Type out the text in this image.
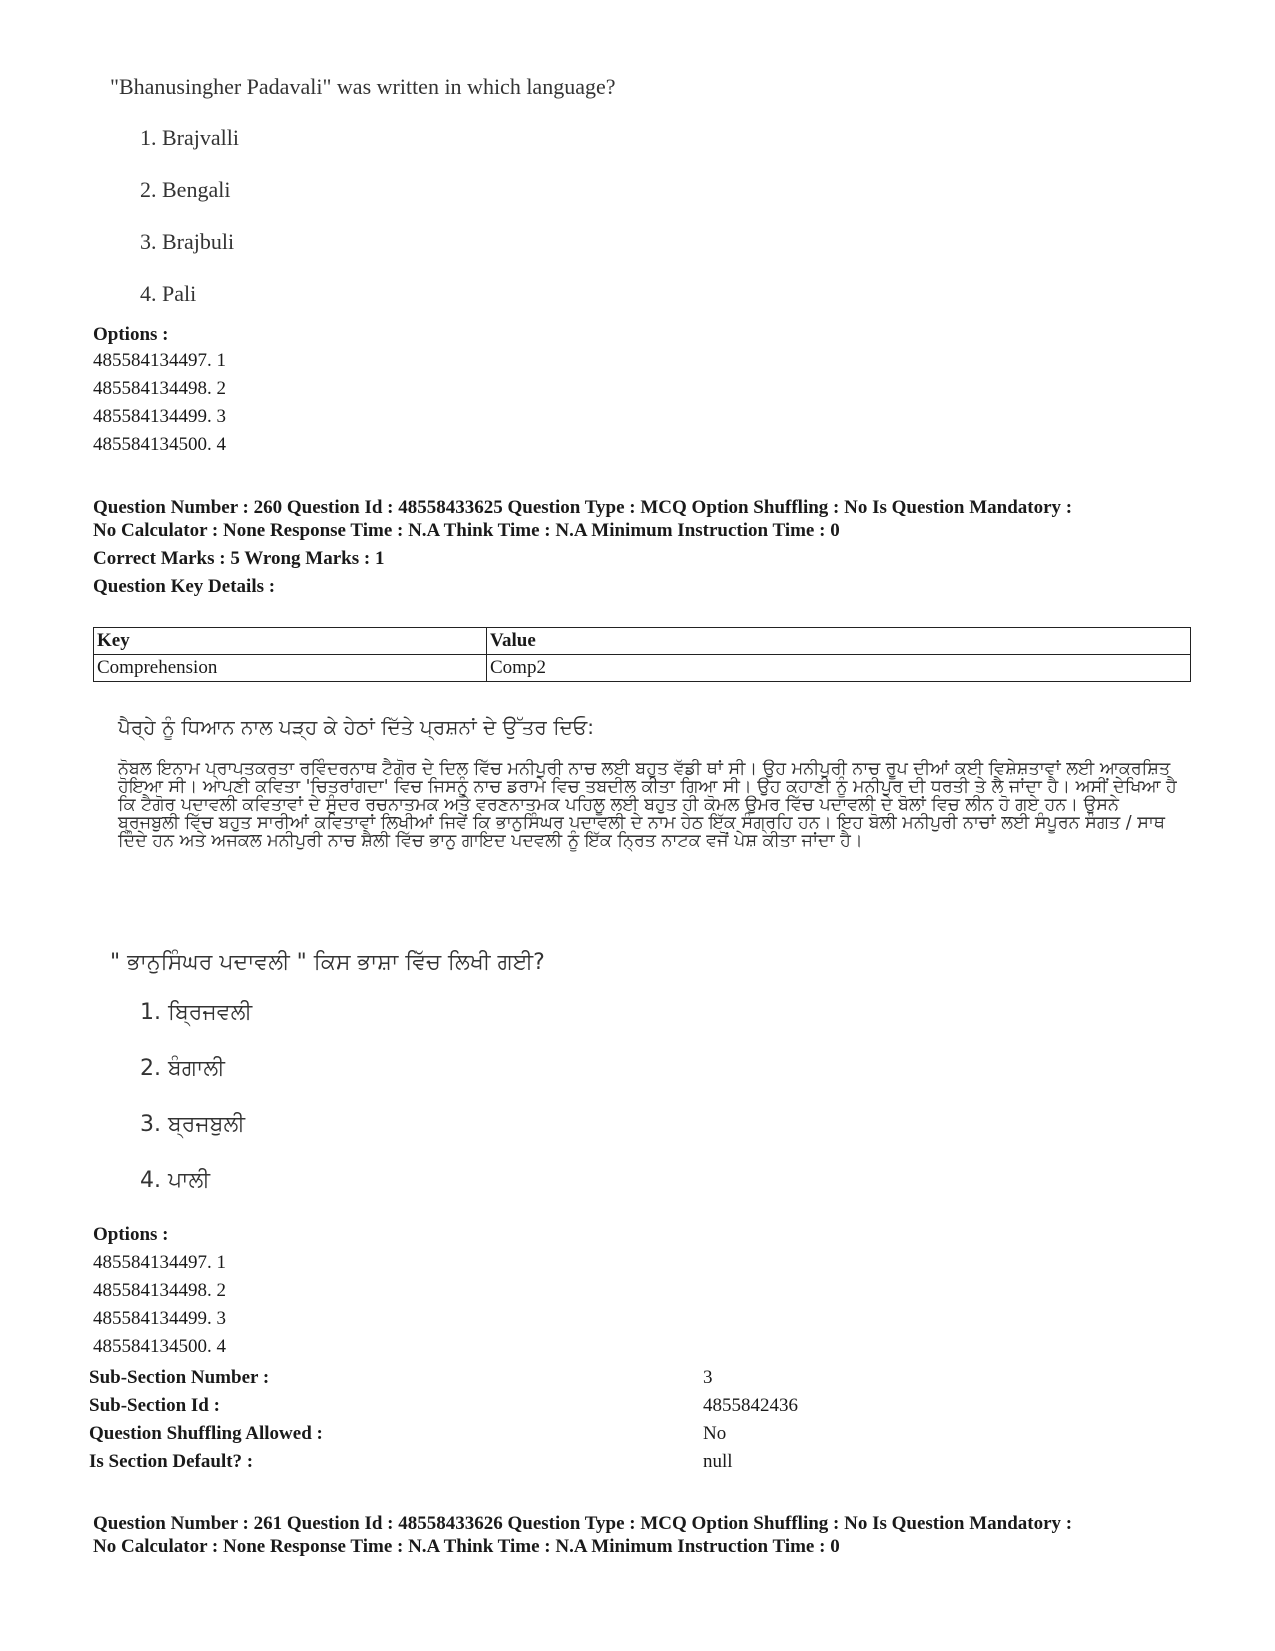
"Bhanusingher Padavali" was written in which language?
1. Brajvalli
2. Bengali
3. Brajbuli
4. Pali
Options :
485584134497. 1
485584134498. 2
485584134499. 3
485584134500. 4
Question Number : 260 Question Id : 48558433625 Question Type : MCQ Option Shuffling : No Is Question Mandatory :
No Calculator : None Response Time : N.A Think Time : N.A Minimum Instruction Time : 0
Correct Marks : 5 Wrong Marks : 1
Question Key Details :
Key	Value
Comprehension	Comp2
ਪੈਰ੍ਹੇ ਨੂੰ ਧਿਆਨ ਨਾਲ ਪੜ੍ਹ ਕੇ ਹੇਠਾਂ ਦਿੱਤੇ ਪ੍ਰਸ਼ਨਾਂ ਦੇ ਉੱਤਰ ਦਿਓ:
ਨੋਬਲ ਇਨਾਮ ਪ੍ਰਾਪਤਕਰਤਾ ਰਵਿੰਦਰਨਾਥ ਟੈਗੋਰ ਦੇ ਦਿਲ ਵਿੱਚ ਮਨੀਪੁਰੀ ਨਾਚ ਲਈ ਬਹੁਤ ਵੱਡੀ ਥਾਂ ਸੀ। ਉਹ ਮਨੀਪੁਰੀ ਨਾਚ ਰੂਪ ਦੀਆਂ ਕਈ ਵਿਸ਼ੇਸ਼ਤਾਵਾਂ ਲਈ ਆਕਰਸ਼ਿਤ ਹੋਇਆ ਸੀ। ਆਪਣੀ ਕਵਿਤਾ 'ਚਿਤਰਾਂਗਦਾ' ਵਿਚ ਜਿਸਨੂੰ ਨਾਚ ਡਰਾਮੇ ਵਿਚ ਤਬਦੀਲ ਕੀਤਾ ਗਿਆ ਸੀ। ਉਹ ਕਹਾਣੀ ਨੂੰ ਮਨੀਪੁਰ ਦੀ ਧਰਤੀ ਤੇ ਲੈ ਜਾਂਦਾ ਹੈ। ਅਸੀਂ ਦੇਖਿਆ ਹੈ ਕਿ ਟੈਗੋਰ ਪਦਾਵਲੀ ਕਵਿਤਾਵਾਂ ਦੇ ਸੁੰਦਰ ਰਚਨਾਤਮਕ ਅਤੇ ਵਰਣਨਾਤਮਕ ਪਹਿਲੂ ਲਈ ਬਹੁਤ ਹੀ ਕੋਮਲ ਉਮਰ ਵਿੱਚ ਪਦਾਵਲੀ ਦੇ ਬੋਲਾਂ ਵਿਚ ਲੀਨ ਹੋ ਗਏ ਹਨ। ਉਸਨੇ ਬ੍ਰਜਬੁਲੀ ਵਿੱਚ ਬਹੁਤ ਸਾਰੀਆਂ ਕਵਿਤਾਵਾਂ ਲਿਖੀਆਂ ਜਿਵੇਂ ਕਿ ਭਾਨੁਸਿੰਘਰ ਪਦਾਵਲੀ ਦੇ ਨਾਮ ਹੇਠ ਇੱਕ ਸੰਗ੍ਰਹਿ ਹਨ। ਇਹ ਬੋਲੀ ਮਨੀਪੁਰੀ ਨਾਚਾਂ ਲਈ ਸੰਪੂਰਨ ਸੰਗਤ / ਸਾਥ ਦਿੰਦੇ ਹਨ ਅਤੇ ਅਜਕਲ ਮਨੀਪੁਰੀ ਨਾਚ ਸ਼ੈਲੀ ਵਿੱਚ ਭਾਨੁ ਗਾਇਦ ਪਦਵਲੀ ਨੂੰ ਇੱਕ ਨ੍ਰਿਤ ਨਾਟਕ ਵਜੋਂ ਪੇਸ਼ ਕੀਤਾ ਜਾਂਦਾ ਹੈ।
" ਭਾਨੁਸਿੰਘਰ ਪਦਾਵਲੀ " ਕਿਸ ਭਾਸ਼ਾ ਵਿੱਚ ਲਿਖੀ ਗਈ?
1. ਬ੍ਰਿਜਵਲੀ
2. ਬੰਗਾਲੀ
3. ਬ੍ਰਜਬੁਲੀ
4. ਪਾਲੀ
Options :
485584134497. 1
485584134498. 2
485584134499. 3
485584134500. 4
Sub-Section Number :	3
Sub-Section Id :	4855842436
Question Shuffling Allowed :	No
Is Section Default? :	null
Question Number : 261 Question Id : 48558433626 Question Type : MCQ Option Shuffling : No Is Question Mandatory :
No Calculator : None Response Time : N.A Think Time : N.A Minimum Instruction Time : 0
